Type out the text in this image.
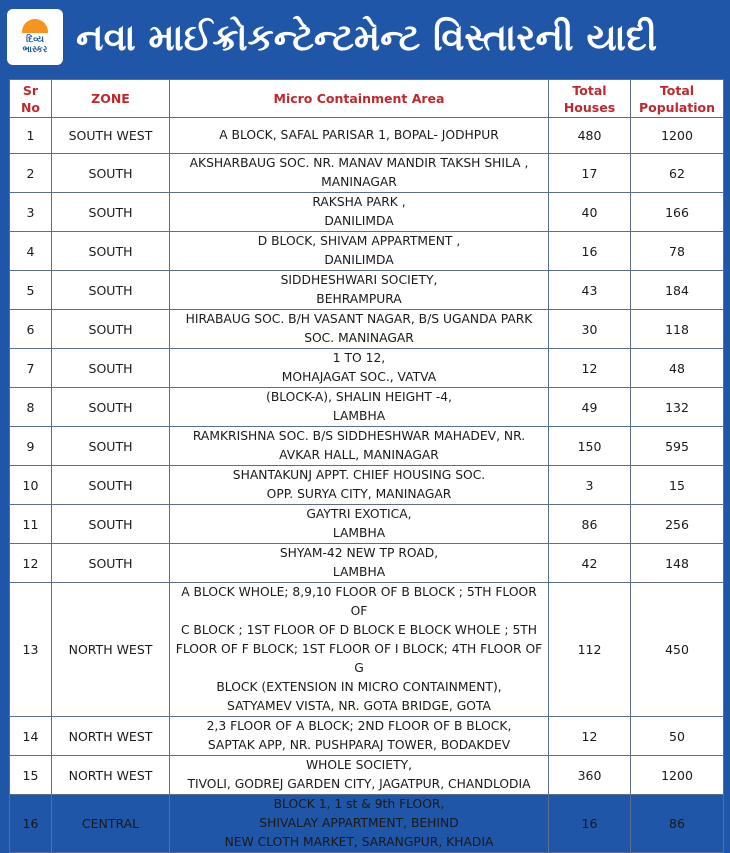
દિવ્ય
ભાસ્કર નવા માઈક્રોકન્ટેન્ટમેન્ટ વિસ્તારની યાદી
Sr
No	ZONE	Micro Containment Area	Total
Houses	Total
Population
1	SOUTH WEST	A BLOCK, SAFAL PARISAR 1, BOPAL- JODHPUR	480	1200
2	SOUTH	AKSHARBAUG SOC. NR. MANAV MANDIR TAKSH SHILA ,
MANINAGAR	17	62
3	SOUTH	RAKSHA PARK ,
DANILIMDA	40	166
4	SOUTH	D BLOCK, SHIVAM APPARTMENT ,
DANILIMDA	16	78
5	SOUTH	SIDDHESHWARI SOCIETY,
BEHRAMPURA	43	184
6	SOUTH	HIRABAUG SOC. B/H VASANT NAGAR, B/S UGANDA PARK
SOC. MANINAGAR	30	118
7	SOUTH	1 TO 12,
MOHAJAGAT SOC., VATVA	12	48
8	SOUTH	(BLOCK-A), SHALIN HEIGHT -4,
LAMBHA	49	132
9	SOUTH	RAMKRISHNA SOC. B/S SIDDHESHWAR MAHADEV, NR.
AVKAR HALL, MANINAGAR	150	595
10	SOUTH	SHANTAKUNJ APPT. CHIEF HOUSING SOC.
OPP. SURYA CITY, MANINAGAR	3	15
11	SOUTH	GAYTRI EXOTICA,
LAMBHA	86	256
12	SOUTH	SHYAM-42 NEW TP ROAD,
LAMBHA	42	148
13	NORTH WEST	A BLOCK WHOLE; 8,9,10 FLOOR OF B BLOCK ; 5TH FLOOR OF
C BLOCK ; 1ST FLOOR OF D BLOCK E BLOCK WHOLE ; 5TH
FLOOR OF F BLOCK; 1ST FLOOR OF I BLOCK; 4TH FLOOR OF G
BLOCK (EXTENSION IN MICRO CONTAINMENT),
SATYAMEV VISTA, NR. GOTA BRIDGE, GOTA	112	450
14	NORTH WEST	2,3 FLOOR OF A BLOCK; 2ND FLOOR OF B BLOCK,
SAPTAK APP, NR. PUSHPARAJ TOWER, BODAKDEV	12	50
15	NORTH WEST	WHOLE SOCIETY,
TIVOLI, GODREJ GARDEN CITY, JAGATPUR, CHANDLODIA	360	1200
16	CENTRAL	BLOCK 1, 1 st & 9th FLOOR,
SHIVALAY APPARTMENT, BEHIND
NEW CLOTH MARKET, SARANGPUR, KHADIA	16	86
